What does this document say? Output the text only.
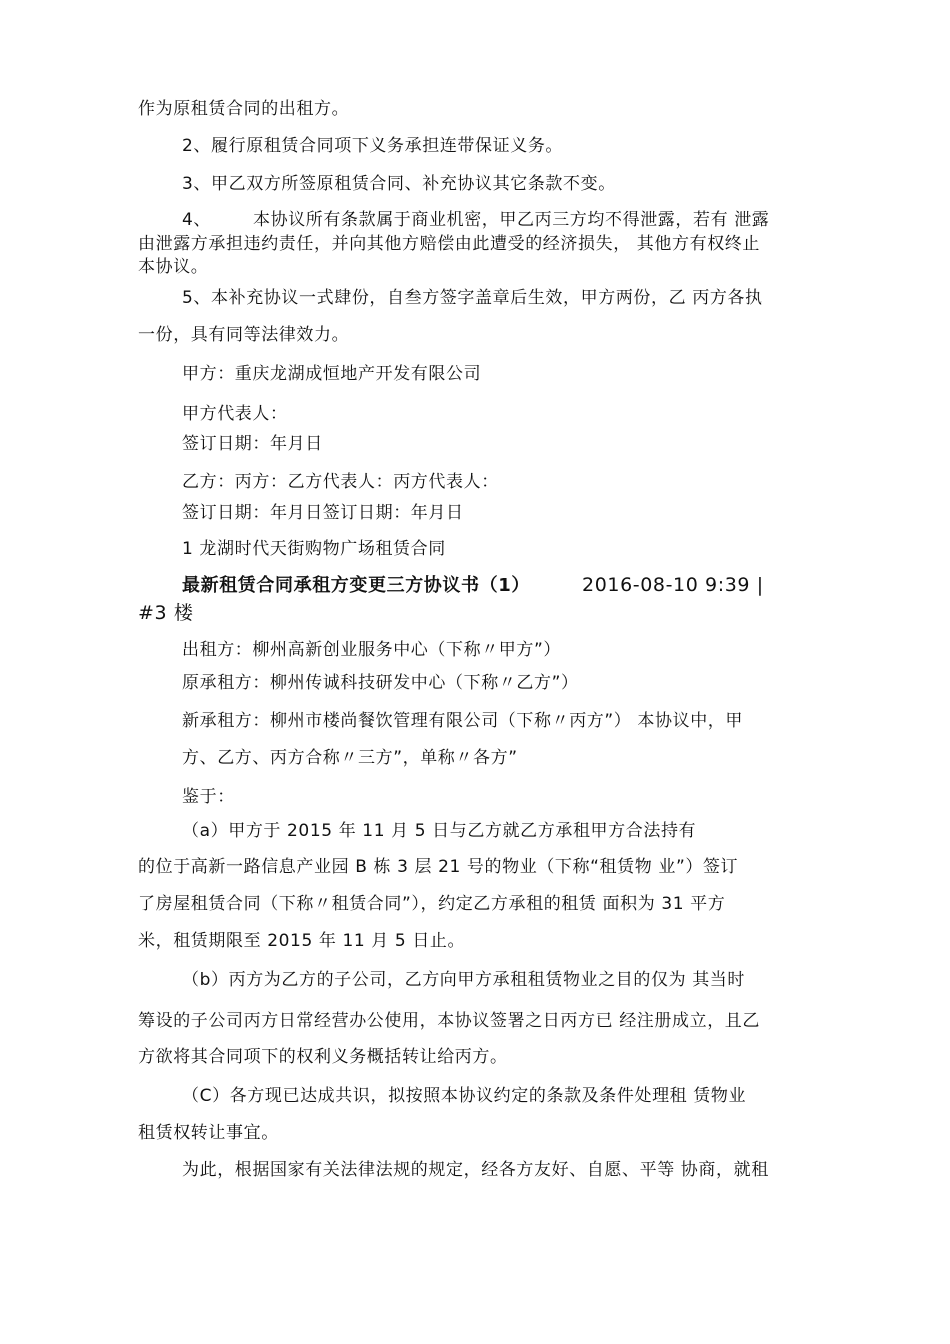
作为原租赁合同的出租方。
2、履行原租赁合同项下义务承担连带保证义务。
3、甲乙双方所签原租赁合同、补充协议其它条款不变。
4、 本协议所有条款属于商业机密，甲乙丙三方均不得泄露，若有 泄露
由泄露方承担违约责任，并向其他方赔偿由此遭受的经济损失， 其他方有权终止
本协议。
5、本补充协议一式肆份，自叁方签字盖章后生效，甲方两份，乙 丙方各执
一份，具有同等法律效力。
甲方：重庆龙湖成恒地产开发有限公司
甲方代表人：
签订日期：年月日
乙方：丙方：乙方代表人：丙方代表人：
签订日期：年月日签订日期：年月日
1 龙湖时代天街购物广场租赁合同
最新租赁合同承租方变更三方协议书（1）	2016-08-10 9:39 |
#3 楼
出租方：柳州高新创业服务中心（下称〃甲方”）
原承租方：柳州传诚科技研发中心（下称〃乙方”）
新承租方：柳州市楼尚餐饮管理有限公司（下称〃丙方”） 本协议中，甲
方、乙方、丙方合称〃三方”，单称〃各方”
鉴于：
（a）甲方于 2015 年 11 月 5 日与乙方就乙方承租甲方合法持有
的位于高新一路信息产业园 B 栋 3 层 21 号的物业（下称“租赁物 业”）签订
了房屋租赁合同（下称〃租赁合同”），约定乙方承租的租赁 面积为 31 平方
米，租赁期限至 2015 年 11 月 5 日止。
（b）丙方为乙方的子公司，乙方向甲方承租租赁物业之目的仅为 其当时
筹设的子公司丙方日常经营办公使用，本协议签署之日丙方已 经注册成立，且乙
方欲将其合同项下的权利义务概括转让给丙方。
（C）各方现已达成共识，拟按照本协议约定的条款及条件处理租 赁物业
租赁权转让事宜。
为此，根据国家有关法律法规的规定，经各方友好、自愿、平等 协商，就租
